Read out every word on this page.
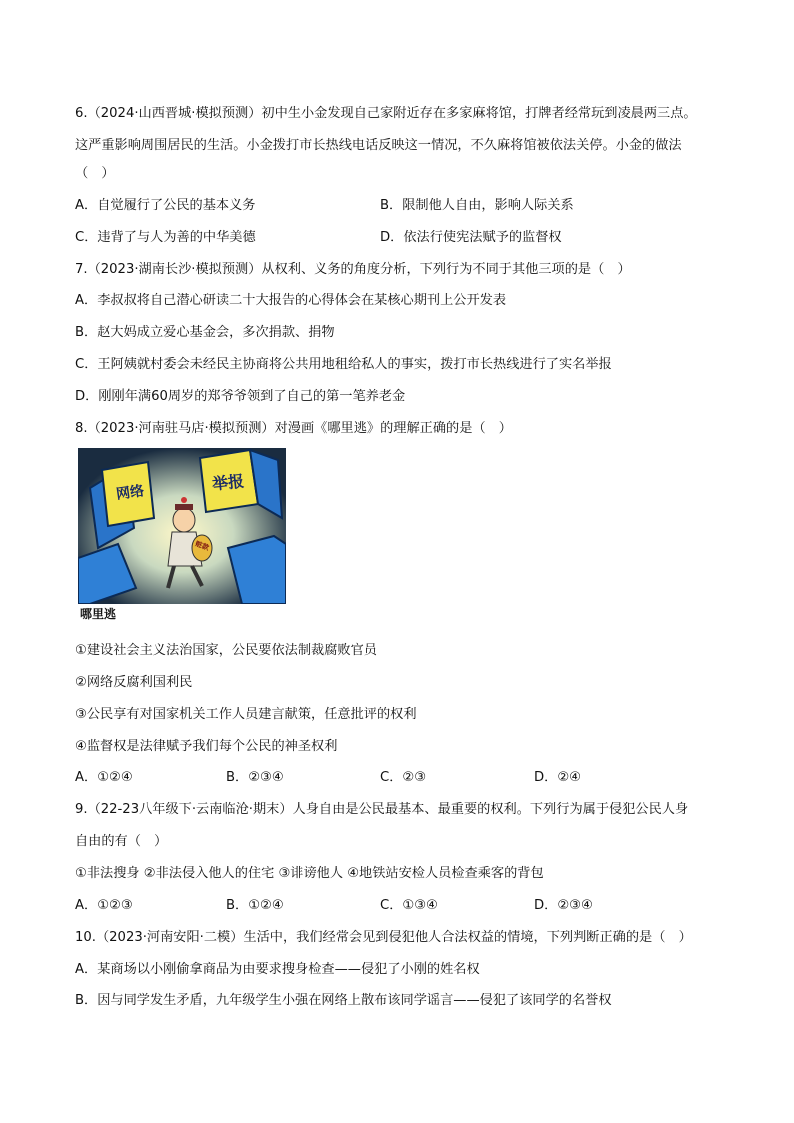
6.（2024·山西晋城·模拟预测）初中生小金发现自己家附近存在多家麻将馆，打牌者经常玩到凌晨两三点。
这严重影响周围居民的生活。小金拨打市长热线电话反映这一情况，不久麻将馆被依法关停。小金的做法
（　）
A．自觉履行了公民的基本义务	B．限制他人自由，影响人际关系
C．违背了与人为善的中华美德	D．依法行使宪法赋予的监督权
7.（2023·湖南长沙·模拟预测）从权利、义务的角度分析，下列行为不同于其他三项的是（　）
A．李叔叔将自己潜心研读二十大报告的心得体会在某核心期刊上公开发表
B．赵大妈成立爱心基金会，多次捐款、捐物
C．王阿姨就村委会未经民主协商将公共用地租给私人的事实，拨打市长热线进行了实名举报
D．刚刚年满60周岁的郑爷爷领到了自己的第一笔养老金
8.（2023·河南驻马店·模拟预测）对漫画《哪里逃》的理解正确的是（　）
网络	举报
赃款
哪里逃
①建设社会主义法治国家，公民要依法制裁腐败官员
②网络反腐利国利民
③公民享有对国家机关工作人员建言献策，任意批评的权利
④监督权是法律赋予我们每个公民的神圣权利
A．①②④	B．②③④	C．②③	D．②④
9.（22-23八年级下·云南临沧·期末）人身自由是公民最基本、最重要的权利。下列行为属于侵犯公民人身
自由的有（　）
①非法搜身 ②非法侵入他人的住宅 ③诽谤他人 ④地铁站安检人员检查乘客的背包
A．①②③	B．①②④	C．①③④	D．②③④
10.（2023·河南安阳·二模）生活中，我们经常会见到侵犯他人合法权益的情境，下列判断正确的是（　）
A．某商场以小刚偷拿商品为由要求搜身检查——侵犯了小刚的姓名权
B．因与同学发生矛盾，九年级学生小强在网络上散布该同学谣言——侵犯了该同学的名誉权
